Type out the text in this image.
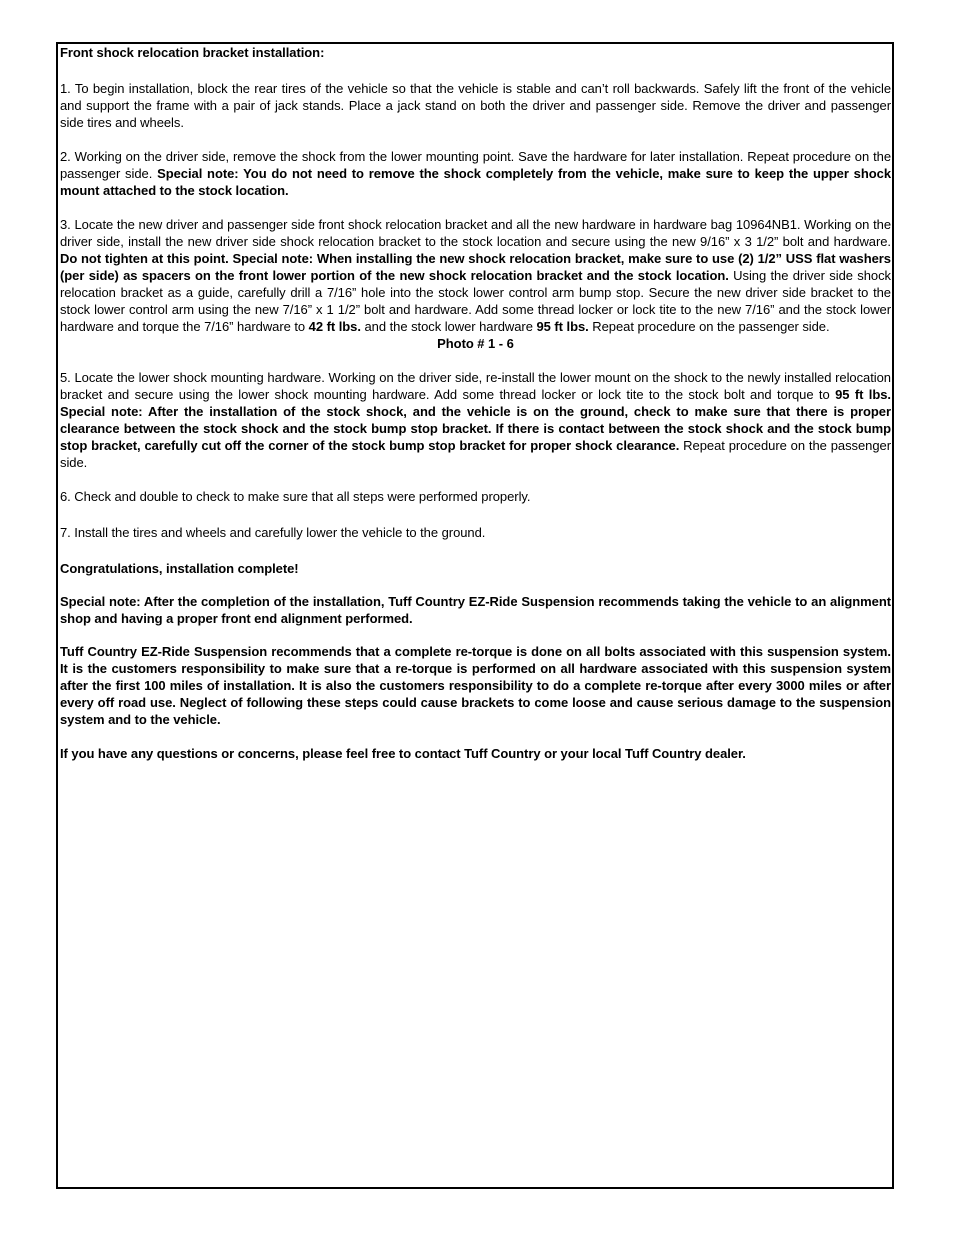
Front shock relocation bracket installation:

1. To begin installation, block the rear tires of the vehicle so that the vehicle is stable and can’t roll backwards. Safely lift the front of the vehicle and support the frame with a pair of jack stands. Place a jack stand on both the driver and passenger side. Remove the driver and passenger side tires and wheels.

2. Working on the driver side, remove the shock from the lower mounting point. Save the hardware for later installation. Repeat procedure on the passenger side. Special note: You do not need to remove the shock completely from the vehicle, make sure to keep the upper shock mount attached to the stock location.

3. Locate the new driver and passenger side front shock relocation bracket and all the new hardware in hardware bag 10964NB1. Working on the driver side, install the new driver side shock relocation bracket to the stock location and secure using the new 9/16” x 3 1/2” bolt and hardware. Do not tighten at this point. Special note: When installing the new shock relocation bracket, make sure to use (2) 1/2” USS flat washers (per side) as spacers on the front lower portion of the new shock relocation bracket and the stock location. Using the driver side shock relocation bracket as a guide, carefully drill a 7/16” hole into the stock lower control arm bump stop. Secure the new driver side bracket to the stock lower control arm using the new 7/16” x 1 1/2” bolt and hardware. Add some thread locker or lock tite to the new 7/16” and the stock lower hardware and torque the 7/16” hardware to 42 ft lbs. and the stock lower hardware 95 ft lbs. Repeat procedure on the passenger side.

Photo # 1 - 6

5. Locate the lower shock mounting hardware. Working on the driver side, re-install the lower mount on the shock to the newly installed relocation bracket and secure using the lower shock mounting hardware. Add some thread locker or lock tite to the stock bolt and torque to 95 ft lbs. Special note: After the installation of the stock shock, and the vehicle is on the ground, check to make sure that there is proper clearance between the stock shock and the stock bump stop bracket. If there is contact between the stock shock and the stock bump stop bracket, carefully cut off the corner of the stock bump stop bracket for proper shock clearance. Repeat procedure on the passenger side.

6. Check and double to check to make sure that all steps were performed properly.

7. Install the tires and wheels and carefully lower the vehicle to the ground.

Congratulations, installation complete!

Special note: After the completion of the installation, Tuff Country EZ-Ride Suspension recommends taking the vehicle to an alignment shop and having a proper front end alignment performed.

Tuff Country EZ-Ride Suspension recommends that a complete re-torque is done on all bolts associated with this suspension system. It is the customers responsibility to make sure that a re-torque is performed on all hardware associated with this suspension system after the first 100 miles of installation. It is also the customers responsibility to do a complete re-torque after every 3000 miles or after every off road use. Neglect of following these steps could cause brackets to come loose and cause serious damage to the suspension system and to the vehicle.

If you have any questions or concerns, please feel free to contact Tuff Country or your local Tuff Country dealer.
